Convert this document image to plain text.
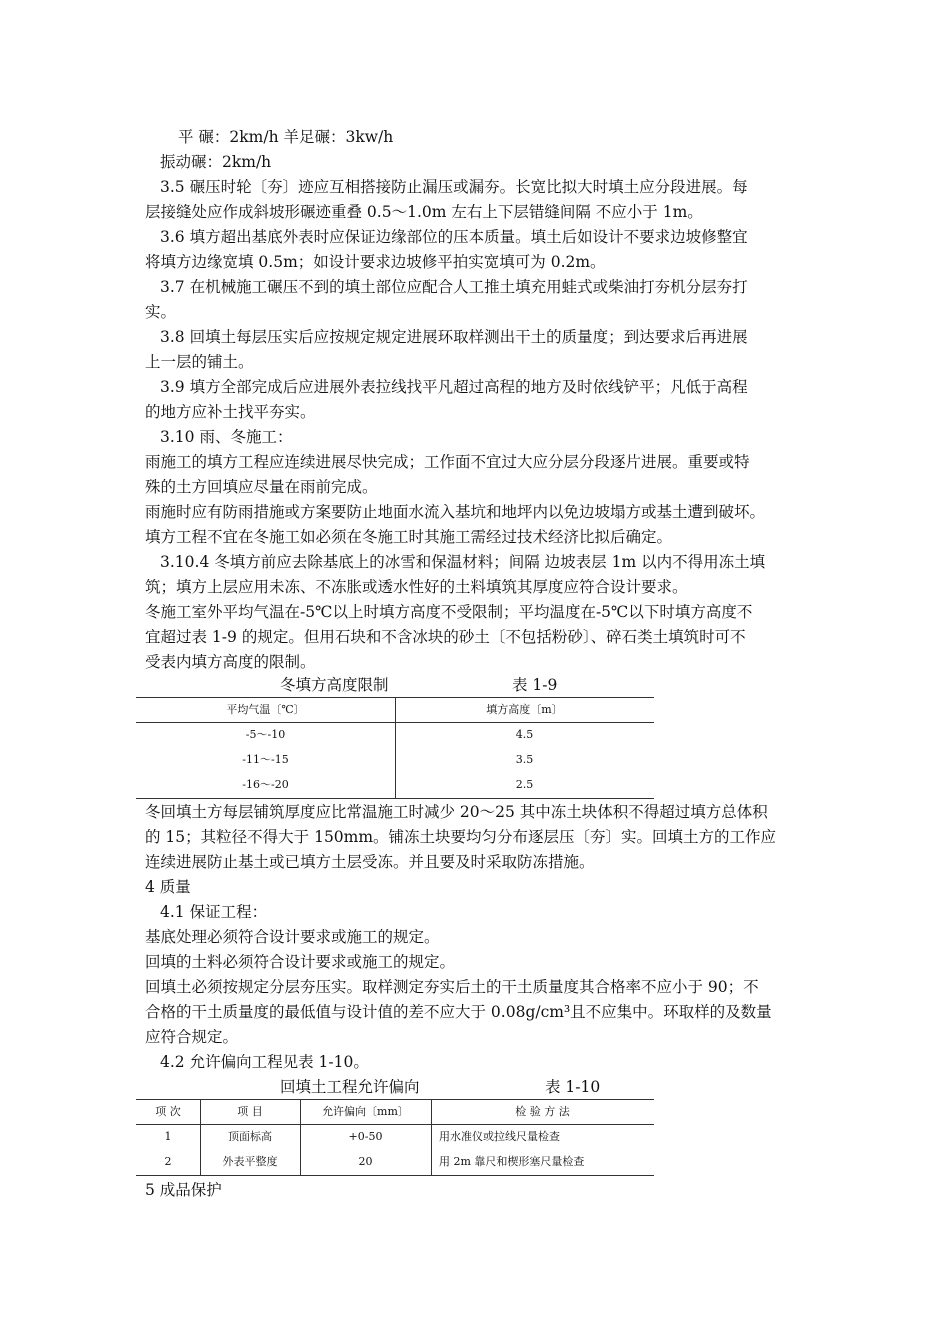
平 碾：2km/h 羊足碾：3kw/h
振动碾：2km/h
3.5 碾压时轮〔夯〕迹应互相搭接防止漏压或漏夯。长宽比拟大时填土应分段进展。每
层接缝处应作成斜坡形碾迹重叠 0.5～1.0m 左右上下层错缝间隔 不应小于 1m。
3.6 填方超出基底外表时应保证边缘部位的压本质量。填土后如设计不要求边坡修整宜
将填方边缘宽填 0.5m；如设计要求边坡修平拍实宽填可为 0.2m。
3.7 在机械施工碾压不到的填土部位应配合人工推土填充用蛙式或柴油打夯机分层夯打
实。
3.8 回填土每层压实后应按规定规定进展环取样测出干土的质量度；到达要求后再进展
上一层的铺土。
3.9 填方全部完成后应进展外表拉线找平凡超过高程的地方及时依线铲平；凡低于高程
的地方应补土找平夯实。
3.10 雨、冬施工：
雨施工的填方工程应连续进展尽快完成；工作面不宜过大应分层分段逐片进展。重要或特
殊的土方回填应尽量在雨前完成。
雨施时应有防雨措施或方案要防止地面水流入基坑和地坪内以免边坡塌方或基土遭到破坏。
填方工程不宜在冬施工如必须在冬施工时其施工需经过技术经济比拟后确定。
3.10.4 冬填方前应去除基底上的冰雪和保温材料；间隔 边坡表层 1m 以内不得用冻土填
筑；填方上层应用未冻、不冻胀或透水性好的土料填筑其厚度应符合设计要求。
冬施工室外平均气温在-5℃以上时填方高度不受限制；平均温度在-5℃以下时填方高度不
宜超过表 1-9 的规定。但用石块和不含冰块的砂土〔不包括粉砂〕、碎石类土填筑时可不
受表内填方高度的限制。
冬填方高度限制	表 1-9
平均气温〔℃〕	填方高度〔m〕
-5～-10	4.5
-11～-15	3.5
-16～-20	2.5
冬回填土方每层铺筑厚度应比常温施工时减少 20～25 其中冻土块体积不得超过填方总体积
的 15；其粒径不得大于 150mm。铺冻土块要均匀分布逐层压〔夯〕实。回填土方的工作应
连续进展防止基土或已填方土层受冻。并且要及时采取防冻措施。
4 质量
4.1 保证工程：
基底处理必须符合设计要求或施工的规定。
回填的土料必须符合设计要求或施工的规定。
回填土必须按规定分层夯压实。取样测定夯实后土的干土质量度其合格率不应小于 90；不
合格的干土质量度的最低值与设计值的差不应大于 0.08g/cm³且不应集中。环取样的及数量
应符合规定。
4.2 允许偏向工程见表 1-10。
回填土工程允许偏向	表 1-10
项 次	项 目	允许偏向〔mm〕	检 验 方 法
1	顶面标高	+0-50	用水准仪或拉线尺量检查
2	外表平整度	20	用 2m 靠尺和楔形塞尺量检查
5 成品保护
